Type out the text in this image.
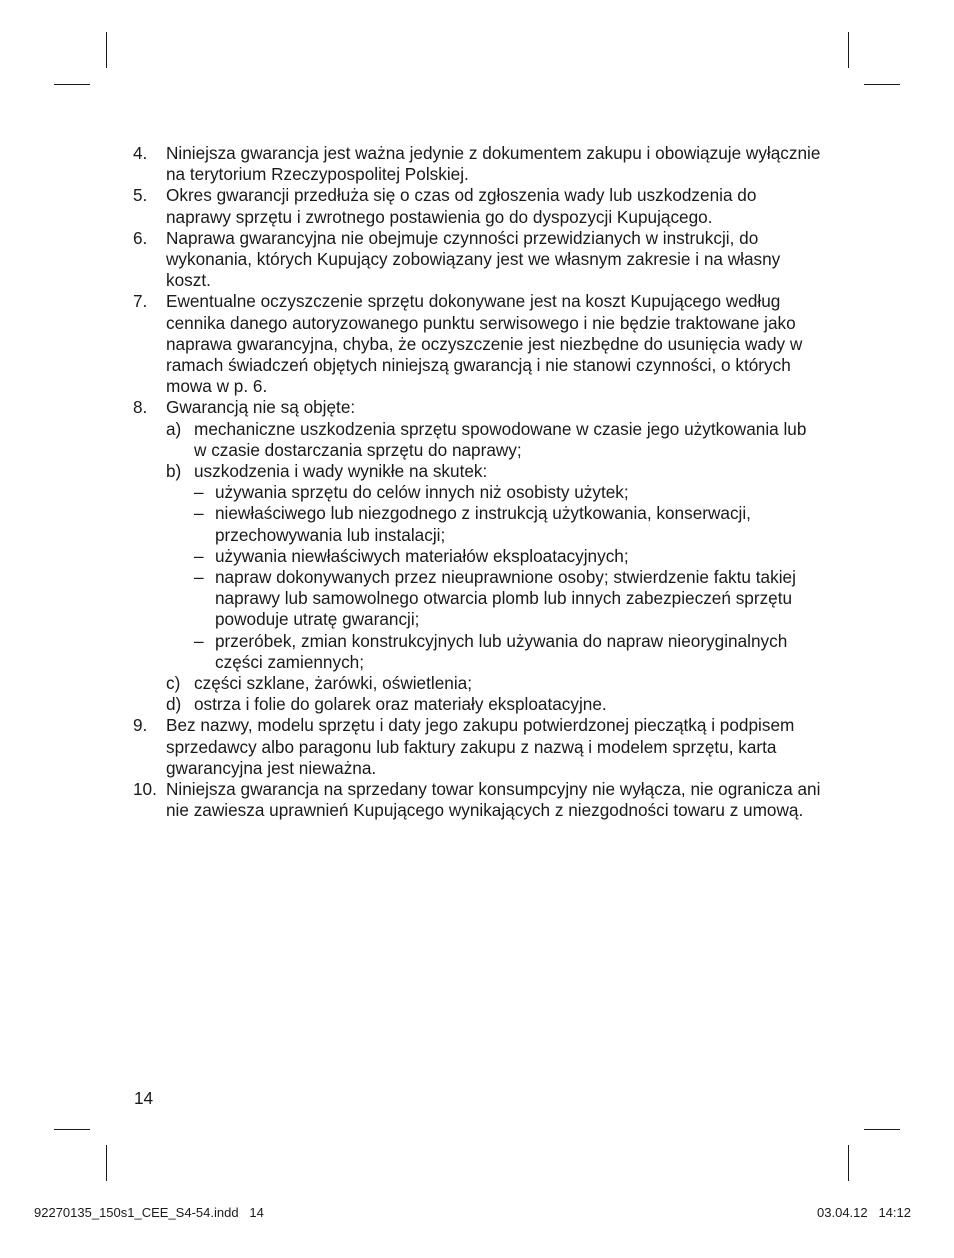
4. Niniejsza gwarancja jest ważna jedynie z dokumentem zakupu i obowiązuje wyłącznie na terytorium Rzeczypospolitej Polskiej.
5. Okres gwarancji przedłuża się o czas od zgłoszenia wady lub uszkodzenia do naprawy sprzętu i zwrotnego postawienia go do dyspozycji Kupującego.
6. Naprawa gwarancyjna nie obejmuje czynności przewidzianych w instrukcji, do wykonania, których Kupujący zobowiązany jest we własnym zakresie i na własny koszt.
7. Ewentualne oczyszczenie sprzętu dokonywane jest na koszt Kupującego według cennika danego autoryzowanego punktu serwisowego i nie będzie traktowane jako naprawa gwarancyjna, chyba, że oczyszczenie jest niezbędne do usunięcia wady w ramach świadczeń objętych niniejszą gwarancją i nie stanowi czynności, o których mowa w p. 6.
8. Gwarancją nie są objęte:
a) mechaniczne uszkodzenia sprzętu spowodowane w czasie jego użytkowania lub w czasie dostarczania sprzętu do naprawy;
b) uszkodzenia i wady wynikłe na skutek:
– używania sprzętu do celów innych niż osobisty użytek;
– niewłaściwego lub niezgodnego z instrukcją użytkowania, konserwacji, przechowywania lub instalacji;
– używania niewłaściwych materiałów eksploatacyjnych;
– napraw dokonywanych przez nieuprawnione osoby; stwierdzenie faktu takiej naprawy lub samowolnego otwarcia plomb lub innych zabezpieczeń sprzętu powoduje utratę gwarancji;
– przeróbek, zmian konstrukcyjnych lub używania do napraw nieoryginalnych części zamiennych;
c) części szklane, żarówki, oświetlenia;
d) ostrza i folie do golarek oraz materiały eksploatacyjne.
9. Bez nazwy, modelu sprzętu i daty jego zakupu potwierdzonej pieczątką i podpisem sprzedawcy albo paragonu lub faktury zakupu z nazwą i modelem sprzętu, karta gwarancyjna jest nieważna.
10. Niniejsza gwarancja na sprzedany towar konsumpcyjny nie wyłącza, nie ogranicza ani nie zawiesza uprawnień Kupującego wynikających z niezgodności towaru z umową.
14
92270135_150s1_CEE_S4-54.indd   14	03.04.12   14:12
